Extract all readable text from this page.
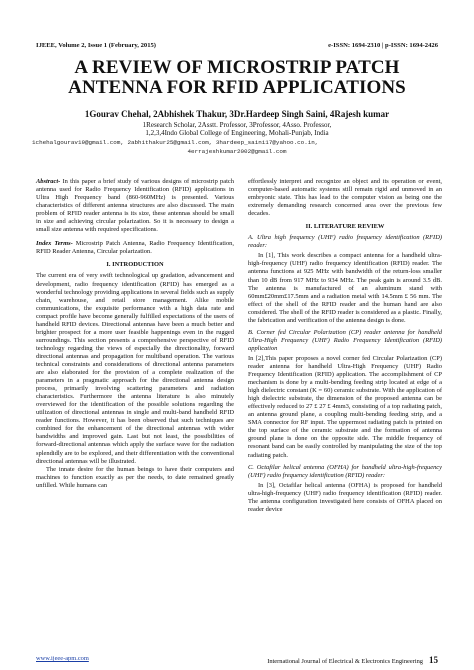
IJEEE, Volume 2, Issue 1 (February, 2015)	e-ISSN: 1694-2310 | p-ISSN: 1694-2426
A REVIEW OF MICROSTRIP PATCH
ANTENNA FOR RFID APPLICATIONS
1Gourav Chehal, 2Abhishek Thakur, 3Dr.Hardeep Singh Saini, 4Rajesh kumar
1Research Scholar, 2Asstt. Professor, 3Professor, 4Asso. Professor,
1,2,3,4Indo Global College of Engineering, Mohali-Punjab, India
1chehalgourav19@gmail.com, 2abhithakur25@gmail.com, 3hardeep_saini17@yahoo.co.in,
4errajeshkumar2002@gmail.com
Abstract- In this paper a brief study of various designs of microstrip patch antenna used for Radio Frequency Identification (RFID) applications in Ultra High Frequency band (860-960MHz) is presented. Various characteristics of different antenna structures are also discussed. The main problem of RFID reader antenna is its size, these antennas should be small in size and achieving circular polarization. So it is necessary to design a small size antenna with required specifications.
Index Terms- Microstrip Patch Antenna, Radio Frequency Identification, RFID Reader Antenna, Circular polarization.
I. INTRODUCTION

The current era of very swift technological up gradation, advancement and development, radio frequency identification (RFID) has emerged as a wonderful technology providing applications in several fields such as supply chain, warehouse, and retail store management. Alike mobile communications, the exquisite performance with a high data rate and compact profile have become generally fulfilled expectations of the users of handheld RFID devices. Directional antennas have been a much better and brighter prospect for a more user feasible happenings even in the rugged surroundings. This section presents a comprehensive perspective of RFID technology regarding the views of especially the directionality, forward directional antennas and propagation for multiband operation. The various technical constraints and considerations of directional antenna parameters are also elaborated for the provision of a complete realization of the parameters in a pragmatic approach for the directional antenna design process, primarily involving scattering parameters and radiation characteristics. Furthermore the antenna literature is also minutely overviewed for the identification of the possible solutions regarding the utilization of directional antennas in single and multi-band handheld RFID reader functions. However, it has been observed that such techniques are combined for the enhancement of the directional antennas with wider bandwidths and improved gain. Last but not least, the possibilities of forward-directional antennas which apply the surface wave for the radiation splendidly are to be explored, and their differentiation with the conventional directional antennas will be illustrated.

The innate desire for the human beings to have their computers and machines to function exactly as per the needs, to date remained greatly unfilled. While humans can

effortlessly interpret and recognize an object and its operation or event, computer-based automatic systems still remain rigid and unmoved in an embryonic state. This has lead to the computer vision as being one the extremely demanding research concerned area over the previous few decades.

II. LITERATURE REVIEW
A. Ultra high frequency (UHF) radio frequency identification (RFID) reader:

In [1], This work describes a compact antenna for a handheld ultra-high-frequency (UHF) radio frequency identification (RFID) reader. The antenna functions at 925 MHz with bandwidth of the return-loss smaller than 10 dB from 917 MHz to 934 MHz. The peak gain is around 3.5 dB. The antenna is manufactured of an aluminum stand with 60mm£20mm£17.5mm and a radiation metal with 14.5mm £ 56 mm. The effect of the shell of the RFID reader and the human hand are also considered. The shell of the RFID reader is considered as a plastic. Finally, the fabrication and verification of the antenna design is done.

B. Corner fed Circular Polarization (CP) reader antenna for handheld Ultra-High Frequency (UHF) Radio Frequency Identification (RFID) application

In [2],This paper proposes a novel corner fed Circular Polarization (CP) reader antenna for handheld Ultra-High Frequency (UHF) Radio Frequency Identification (RFID) application. The accomplishment of CP mechanism is done by a multi-bending feeding strip located at edge of a high dielectric constant (K = 60) ceramic substrate. With the application of high dielectric substrate, the dimension of the proposed antenna can be effectively reduced to 27 £ 27 £ 4mm3, consisting of a top radiating patch, an antenna ground plane, a coupling multi-bending feeding strip, and a SMA connector for RF input. The uppermost radiating patch is printed on the top surface of the ceramic substrate and the formation of antenna ground plane is done on the opposite side. The middle frequency of resonant band can be easily controlled by manipulating the size of the top radiating patch.

C. Octafilar helical antenna (OFHA) for handheld ultra-high-frequency (UHF) radio frequency identification (RFID) reader:

In [3], Octafilar helical antenna (OFHA) is proposed for handheld ultra-high-frequency (UHF) radio frequency identification (RFID) reader. The antenna configuration investigated here consists of OFHA placed on reader device

www.ijeee-apm.com	International Journal of Electrical & Electronics Engineering 15
